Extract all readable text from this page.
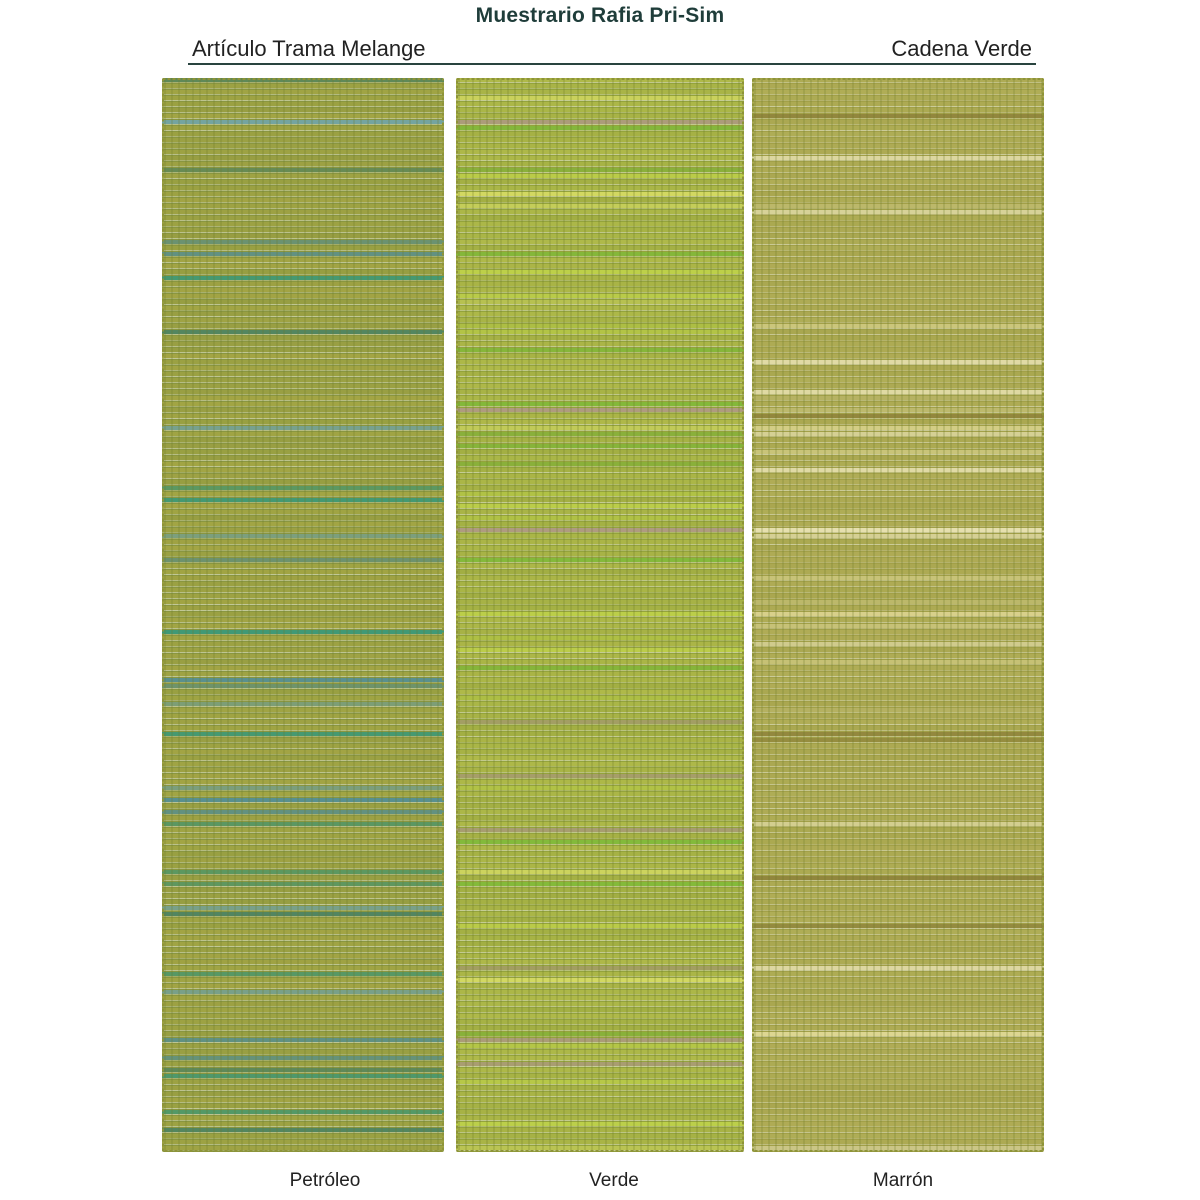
Muestrario Rafia Pri-Sim
Artículo Trama Melange	Cadena Verde
Petróleo	Verde	Marrón
